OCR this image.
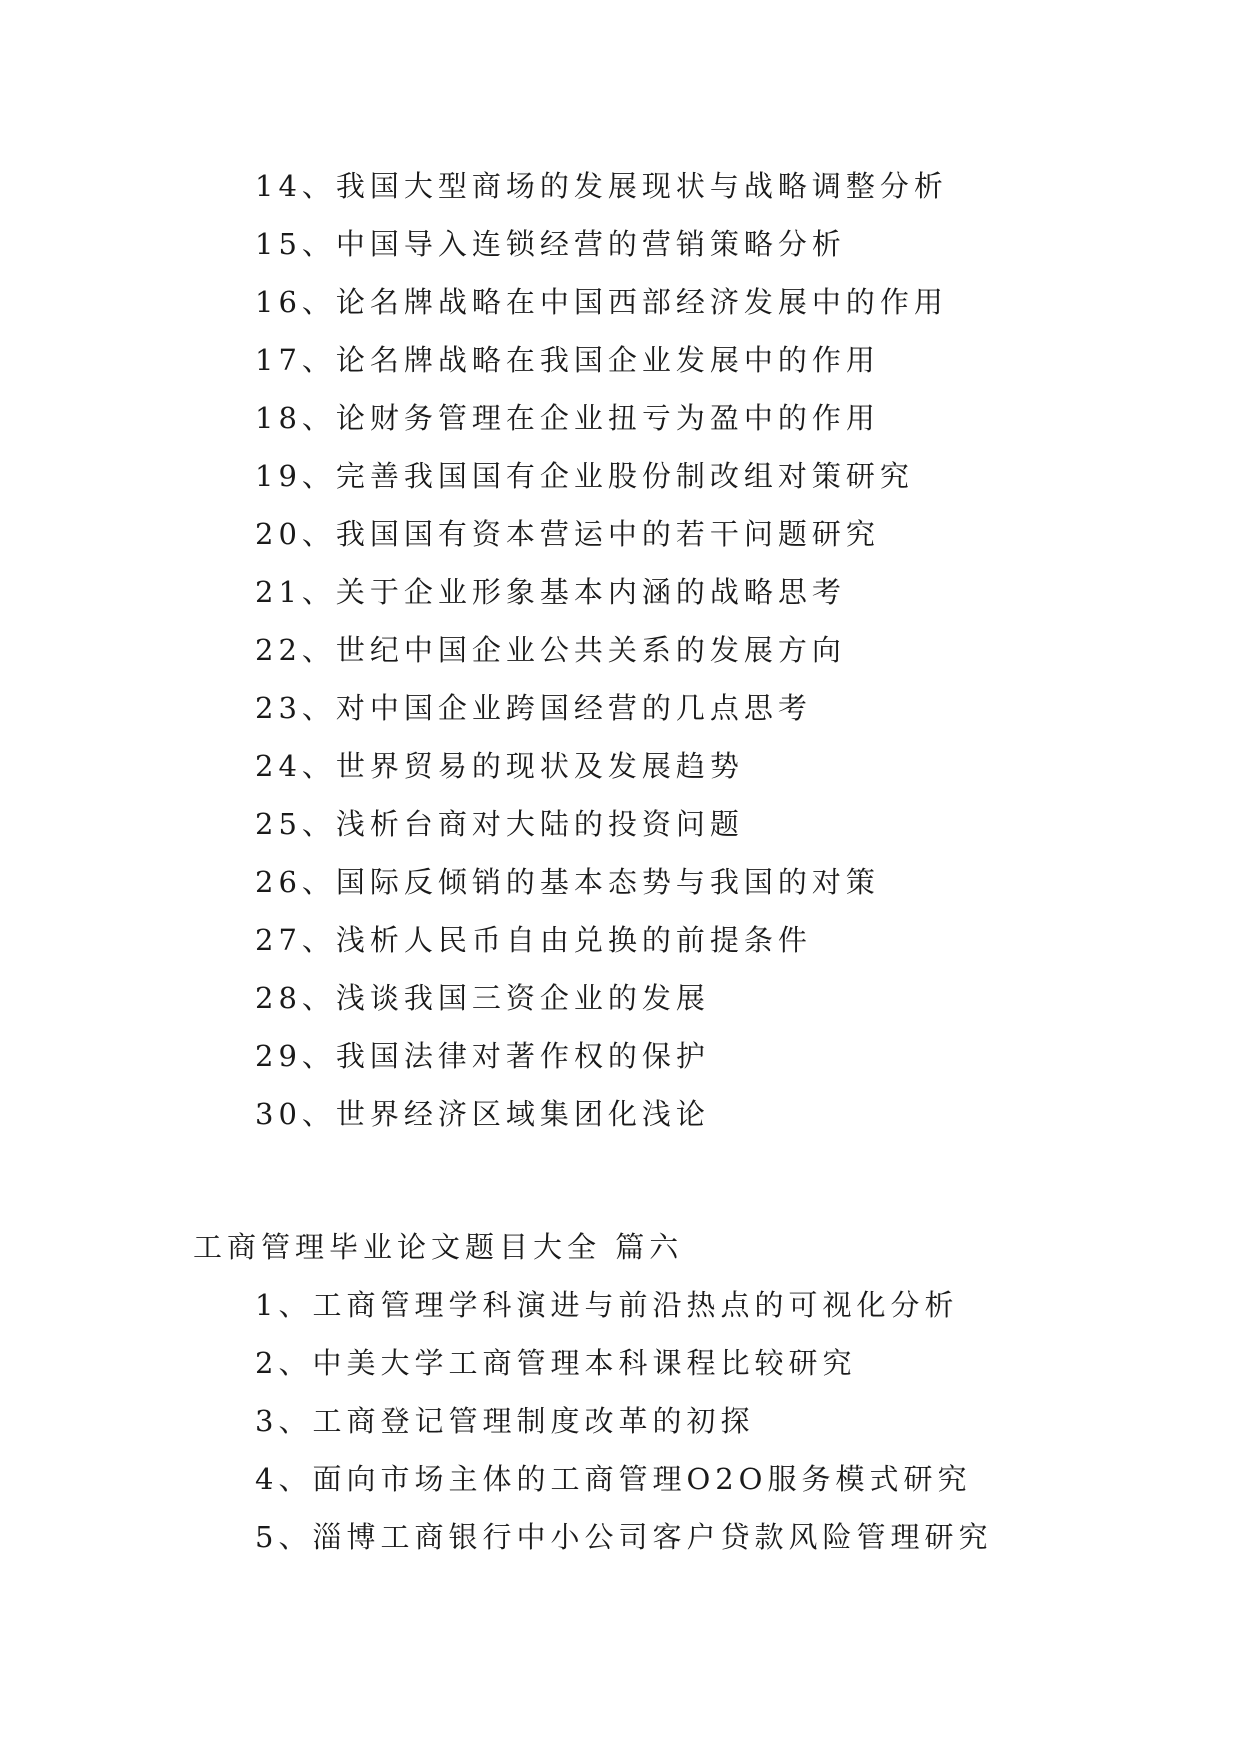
14、我国大型商场的发展现状与战略调整分析
15、中国导入连锁经营的营销策略分析
16、论名牌战略在中国西部经济发展中的作用
17、论名牌战略在我国企业发展中的作用
18、论财务管理在企业扭亏为盈中的作用
19、完善我国国有企业股份制改组对策研究
20、我国国有资本营运中的若干问题研究
21、关于企业形象基本内涵的战略思考
22、世纪中国企业公共关系的发展方向
23、对中国企业跨国经营的几点思考
24、世界贸易的现状及发展趋势
25、浅析台商对大陆的投资问题
26、国际反倾销的基本态势与我国的对策
27、浅析人民币自由兑换的前提条件
28、浅谈我国三资企业的发展
29、我国法律对著作权的保护
30、世界经济区域集团化浅论
工商管理毕业论文题目大全 篇六
1、工商管理学科演进与前沿热点的可视化分析
2、中美大学工商管理本科课程比较研究
3、工商登记管理制度改革的初探
4、面向市场主体的工商管理O2O服务模式研究
5、淄博工商银行中小公司客户贷款风险管理研究
